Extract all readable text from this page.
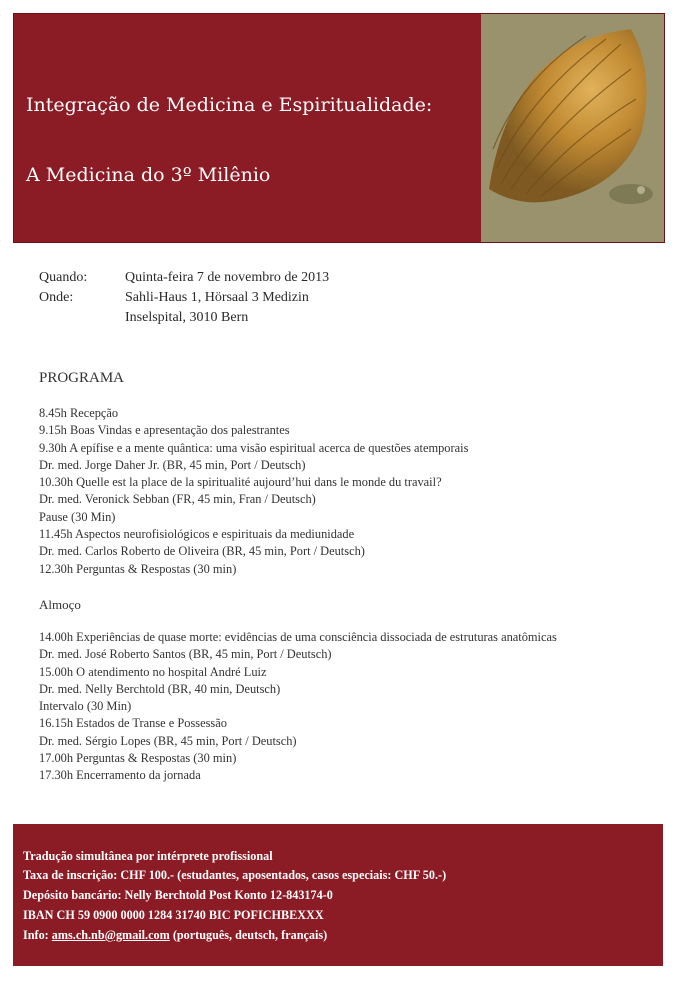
Integração de Medicina e Espiritualidade:
A Medicina do 3º Milênio
Quando:	Quinta-feira 7 de novembro de 2013
Onde:	Sahli-Haus 1, Hörsaal 3 Medizin
Inselspital, 3010 Bern
PROGRAMA
8.45h Recepção
9.15h Boas Vindas e apresentação dos palestrantes
9.30h A epífise e a mente quântica: uma visão espiritual acerca de questões atemporais
Dr. med. Jorge Daher Jr. (BR, 45 min, Port / Deutsch)
10.30h Quelle est la place de la spiritualité aujourd’hui dans le monde du travail?
Dr. med. Veronick Sebban (FR, 45 min, Fran / Deutsch)
Pause (30 Min)
11.45h Aspectos neurofisiológicos e espirituais da mediunidade
Dr. med. Carlos Roberto de Oliveira (BR, 45 min, Port / Deutsch)
12.30h Perguntas & Respostas (30 min)
Almoço
14.00h Experiências de quase morte: evidências de uma consciência dissociada de estruturas anatômicas
Dr. med. José Roberto Santos (BR, 45 min, Port / Deutsch)
15.00h O atendimento no hospital André Luiz
Dr. med. Nelly Berchtold (BR, 40 min, Deutsch)
Intervalo (30 Min)
16.15h Estados de Transe e Possessão
Dr. med. Sérgio Lopes (BR, 45 min, Port / Deutsch)
17.00h Perguntas & Respostas (30 min)
17.30h Encerramento da jornada
Tradução simultânea por intérprete profissional
Taxa de inscrição: CHF 100.- (estudantes, aposentados, casos especiais: CHF 50.-)
Depósito bancário: Nelly Berchtold Post Konto 12-843174-0
IBAN CH 59 0900 0000 1284 31740 BIC POFICHBEXXX
Info: ams.ch.nb@gmail.com (português, deutsch, français)
